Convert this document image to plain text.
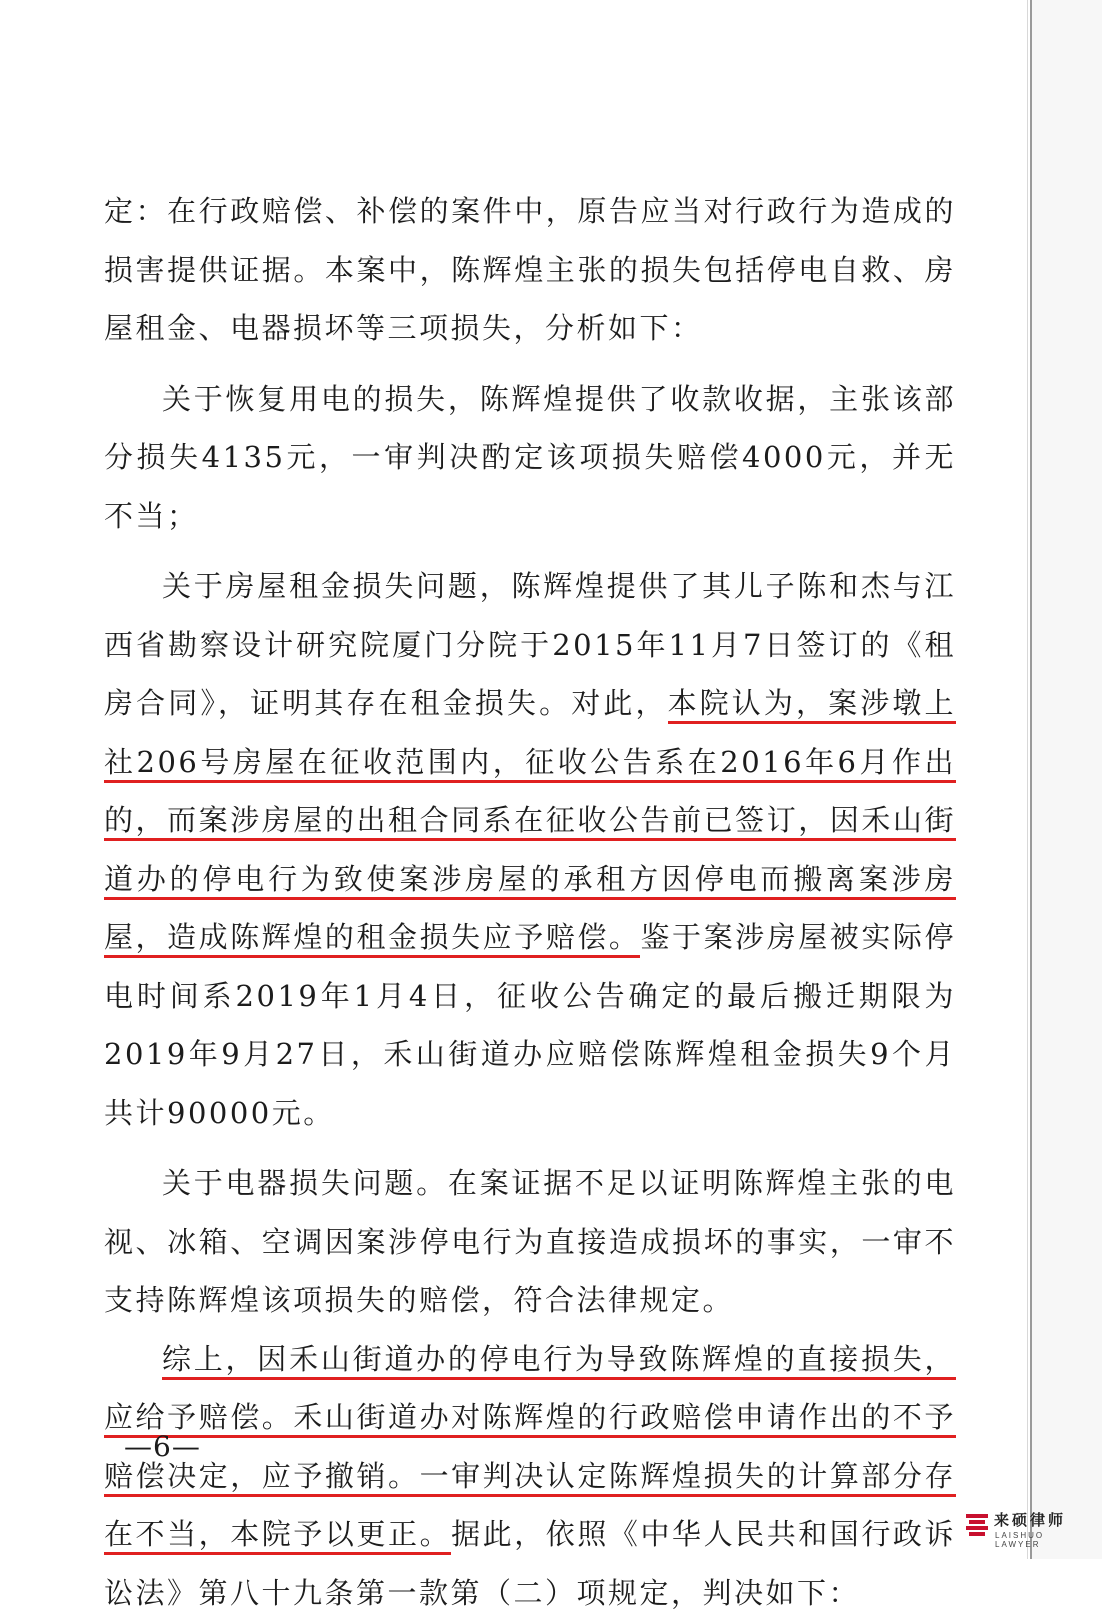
定：在行政赔偿、补偿的案件中，原告应当对行政行为造成的损害提供证据。本案中，陈辉煌主张的损失包括停电自救、房屋租金、电器损坏等三项损失，分析如下：

关于恢复用电的损失，陈辉煌提供了收款收据，主张该部分损失4135元，一审判决酌定该项损失赔偿4000元，并无不当；

关于房屋租金损失问题，陈辉煌提供了其儿子陈和杰与江西省勘察设计研究院厦门分院于2015年11月7日签订的《租房合同》，证明其存在租金损失。对此，本院认为，案涉墩上社206号房屋在征收范围内，征收公告系在2016年6月作出的，而案涉房屋的出租合同系在征收公告前已签订，因禾山街道办的停电行为致使案涉房屋的承租方因停电而搬离案涉房屋，造成陈辉煌的租金损失应予赔偿。鉴于案涉房屋被实际停电时间系2019年1月4日，征收公告确定的最后搬迁期限为2019年9月27日，禾山街道办应赔偿陈辉煌租金损失9个月共计90000元。

关于电器损失问题。在案证据不足以证明陈辉煌主张的电视、冰箱、空调因案涉停电行为直接造成损坏的事实，一审不支持陈辉煌该项损失的赔偿，符合法律规定。

综上，因禾山街道办的停电行为导致陈辉煌的直接损失，应给予赔偿。禾山街道办对陈辉煌的行政赔偿申请作出的不予赔偿决定，应予撤销。一审判决认定陈辉煌损失的计算部分存在不当，本院予以更正。据此，依照《中华人民共和国行政诉讼法》第八十九条第一款第（二）项规定，判决如下：

—6—
来硕律师
LAISHUO LAWYER
